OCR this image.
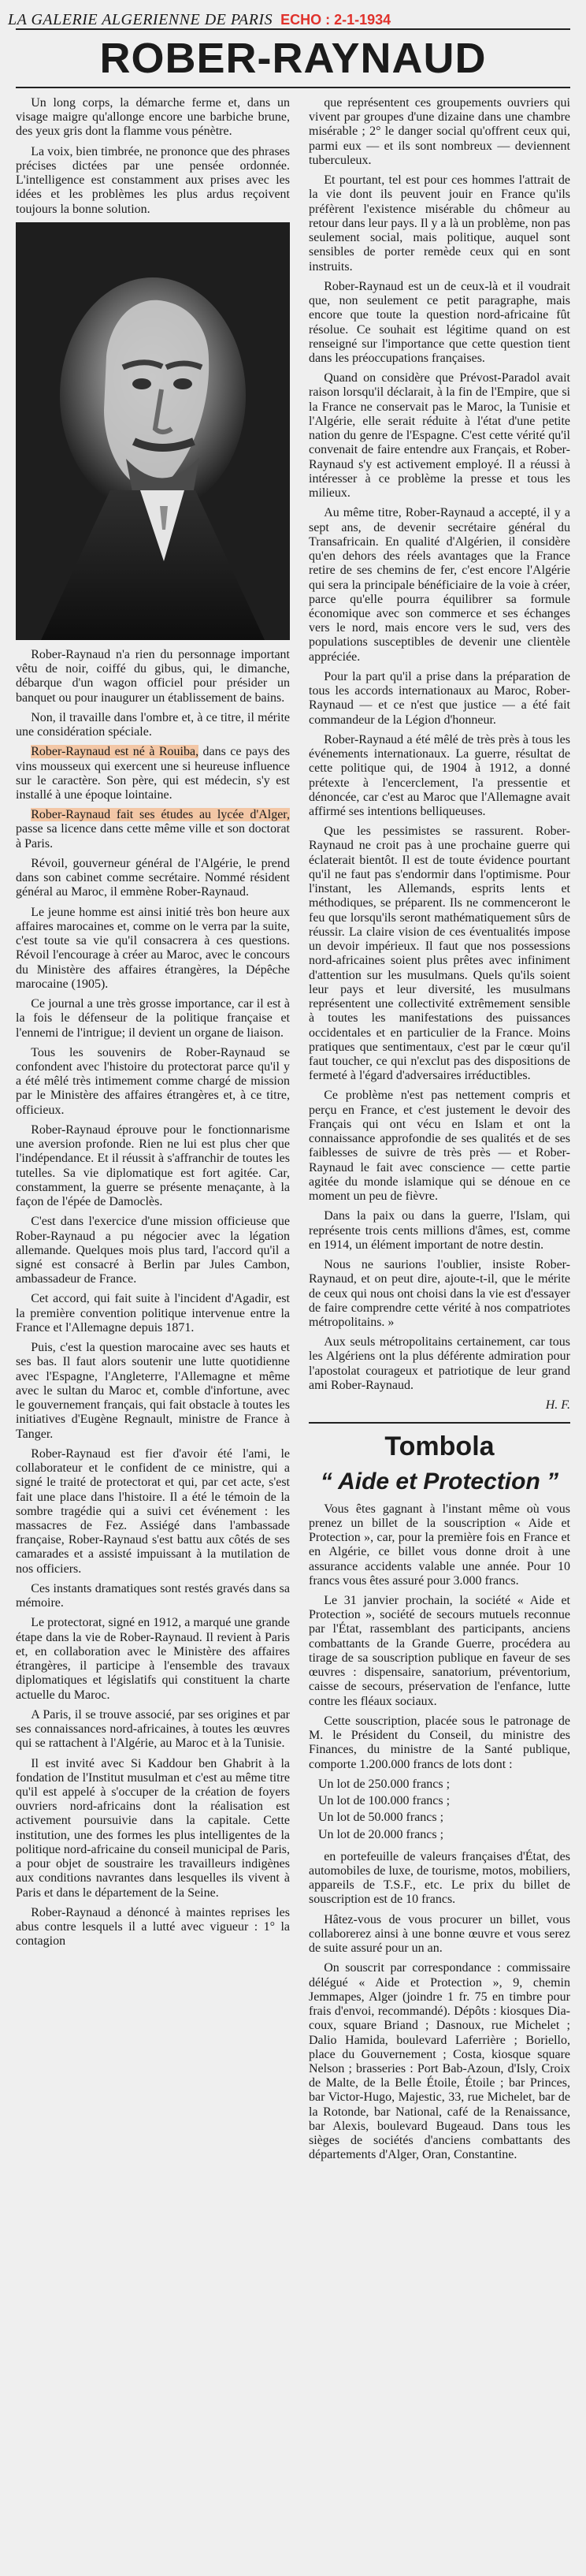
LA GALERIE ALGERIENNE DE PARIS ECHO : 2-1-1934
ROBER-RAYNAUD

Un long corps, la démarche ferme et, dans un visage maigre qu'allonge encore une barbiche brune, des yeux gris dont la flamme vous pénètre.

La voix, bien timbrée, ne prononce que des phrases précises dictées par une pensée ordonnée. L'intelligence est constamment aux prises avec les idées et les problèmes les plus ardus reçoivent toujours la bonne solution.

Rober-Raynaud n'a rien du personnage important vêtu de noir, coiffé du gibus, qui, le dimanche, débarque d'un wagon officiel pour présider un banquet ou pour inaugurer un établissement de bains.

Non, il travaille dans l'ombre et, à ce titre, il mérite une considération spéciale.

Rober-Raynaud est né à Rouiba, dans ce pays des vins mousseux qui exercent une si heureuse influence sur le caractère. Son père, qui est médecin, s'y est installé à une époque lointaine.

Rober-Raynaud fait ses études au lycée d'Alger, passe sa licence dans cette même ville et son doctorat à Paris.

Révoil, gouverneur général de l'Algérie, le prend dans son cabinet comme secrétaire. Nommé résident général au Maroc, il emmène Rober-Raynaud.

Le jeune homme est ainsi initié très bon heure aux affaires marocaines et, comme on le verra par la suite, c'est toute sa vie qu'il consacrera à ces questions. Révoil l'encourage à créer au Maroc, avec le concours du Ministère des affaires étrangères, la Dépêche marocaine (1905).

Ce journal a une très grosse importance, car il est à la fois le défenseur de la politique française et l'ennemi de l'intrigue; il devient un organe de liaison.

Tous les souvenirs de Rober-Raynaud se confondent avec l'histoire du protectorat parce qu'il y a été mêlé très intimement comme chargé de mission par le Ministère des affaires étrangères et, à ce titre, officieux.

Rober-Raynaud éprouve pour le fonctionnarisme une aversion profonde. Rien ne lui est plus cher que l'indépendance. Et il réussit à s'affranchir de toutes les tutelles. Sa vie diplomatique est fort agitée. Car, constamment, la guerre se présente menaçante, à la façon de l'épée de Damoclès.

C'est dans l'exercice d'une mission officieuse que Rober-Raynaud a pu négocier avec la légation allemande. Quelques mois plus tard, l'accord qu'il a signé est consacré à Berlin par Jules Cambon, ambassadeur de France.

Cet accord, qui fait suite à l'incident d'Agadir, est la première convention politique intervenue entre la France et l'Allemagne depuis 1871.

Puis, c'est la question marocaine avec ses hauts et ses bas. Il faut alors soutenir une lutte quotidienne avec l'Espagne, l'Angleterre, l'Allemagne et même avec le sultan du Maroc et, comble d'infortune, avec le gouvernement français, qui fait obstacle à toutes les initiatives d'Eugène Regnault, ministre de France à Tanger.

Rober-Raynaud est fier d'avoir été l'ami, le collaborateur et le confident de ce ministre, qui a signé le traité de protectorat et qui, par cet acte, s'est fait une place dans l'histoire. Il a été le témoin de la sombre tragédie qui a suivi cet événement : les massacres de Fez. Assiégé dans l'ambassade française, Rober-Raynaud s'est battu aux côtés de ses camarades et a assisté impuissant à la mutilation de nos officiers.

Ces instants dramatiques sont restés gravés dans sa mémoire.

Le protectorat, signé en 1912, a marqué une grande étape dans la vie de Rober-Raynaud. Il revient à Paris et, en collaboration avec le Ministère des affaires étrangères, il participe à l'ensemble des travaux diplomatiques et législatifs qui constituent la charte actuelle du Maroc.

A Paris, il se trouve associé, par ses origines et par ses connaissances nord-africaines, à toutes les œuvres qui se rattachent à l'Algérie, au Maroc et à la Tunisie.

Il est invité avec Si Kaddour ben Ghabrit à la fondation de l'Institut musulman et c'est au même titre qu'il est appelé à s'occuper de la création de foyers ouvriers nord-africains dont la réalisation est activement poursuivie dans la capitale. Cette institution, une des formes les plus intelligentes de la politique nord-africaine du conseil municipal de Paris, a pour objet de soustraire les travailleurs indigènes aux conditions navrantes dans lesquelles ils vivent à Paris et dans le département de la Seine.

Rober-Raynaud a dénoncé à maintes reprises les abus contre lesquels il a lutté avec vigueur : 1° la contagion

que représentent ces groupements ouvriers qui vivent par groupes d'une dizaine dans une chambre misérable ; 2° le danger social qu'offrent ceux qui, parmi eux — et ils sont nombreux — deviennent tuberculeux.

Et pourtant, tel est pour ces hommes l'attrait de la vie dont ils peuvent jouir en France qu'ils préfèrent l'existence misérable du chômeur au retour dans leur pays. Il y a là un problème, non pas seulement social, mais politique, auquel sont sensibles de porter remède ceux qui en sont instruits.

Rober-Raynaud est un de ceux-là et il voudrait que, non seulement ce petit paragraphe, mais encore que toute la question nord-africaine fût résolue. Ce souhait est légitime quand on est renseigné sur l'importance que cette question tient dans les préoccupations françaises.

Quand on considère que Prévost-Paradol avait raison lorsqu'il déclarait, à la fin de l'Empire, que si la France ne conservait pas le Maroc, la Tunisie et l'Algérie, elle serait réduite à l'état d'une petite nation du genre de l'Espagne. C'est cette vérité qu'il convenait de faire entendre aux Français, et Rober-Raynaud s'y est activement employé. Il a réussi à intéresser à ce problème la presse et tous les milieux.

Au même titre, Rober-Raynaud a accepté, il y a sept ans, de devenir secrétaire général du Transafricain. En qualité d'Algérien, il considère qu'en dehors des réels avantages que la France retire de ses chemins de fer, c'est encore l'Algérie qui sera la principale bénéficiaire de la voie à créer, parce qu'elle pourra équilibrer sa formule économique avec son commerce et ses échanges vers le nord, mais encore vers le sud, vers des populations susceptibles de devenir une clientèle appréciée.

Pour la part qu'il a prise dans la préparation de tous les accords internationaux au Maroc, Rober-Raynaud — et ce n'est que justice — a été fait commandeur de la Légion d'honneur.

Rober-Raynaud a été mêlé de très près à tous les événements internationaux. La guerre, résultat de cette politique qui, de 1904 à 1912, a donné prétexte à l'encerclement, l'a pressentie et dénoncée, car c'est au Maroc que l'Allemagne avait affirmé ses intentions belliqueuses.

Que les pessimistes se rassurent. Rober-Raynaud ne croit pas à une prochaine guerre qui éclaterait bientôt. Il est de toute évidence pourtant qu'il ne faut pas s'endormir dans l'optimisme. Pour l'instant, les Allemands, esprits lents et méthodiques, se préparent. Ils ne commenceront le feu que lorsqu'ils seront mathématiquement sûrs de réussir. La claire vision de ces éventualités impose un devoir impérieux. Il faut que nos possessions nord-africaines soient plus prêtes avec infiniment d'attention sur les musulmans. Quels qu'ils soient leur pays et leur diversité, les musulmans représentent une collectivité extrêmement sensible à toutes les manifestations des puissances occidentales et en particulier de la France. Moins pratiques que sentimentaux, c'est par le cœur qu'il faut toucher, ce qui n'exclut pas des dispositions de fermeté à l'égard d'adversaires irréductibles.

Ce problème n'est pas nettement compris et perçu en France, et c'est justement le devoir des Français qui ont vécu en Islam et ont la connaissance approfondie de ses qualités et de ses faiblesses de suivre de très près — et Rober-Raynaud le fait avec conscience — cette partie agitée du monde islamique qui se dénoue en ce moment un peu de fièvre.

Dans la paix ou dans la guerre, l'Islam, qui représente trois cents millions d'âmes, est, comme en 1914, un élément important de notre destin.

Nous ne saurions l'oublier, insiste Rober-Raynaud, et on peut dire, ajoute-t-il, que le mérite de ceux qui nous ont choisi dans la vie est d'essayer de faire comprendre cette vérité à nos compatriotes métropolitains. »

Aux seuls métropolitains certainement, car tous les Algériens ont la plus déférente admiration pour l'apostolat courageux et patriotique de leur grand ami Rober-Raynaud.

H. F.
Tombola
“ Aide et Protection ”

Vous êtes gagnant à l'instant même où vous prenez un billet de la souscription « Aide et Protection », car, pour la première fois en France et en Algérie, ce billet vous donne droit à une assurance accidents valable une année. Pour 10 francs vous êtes assuré pour 3.000 francs.

Le 31 janvier prochain, la société « Aide et Protection », société de secours mutuels reconnue par l'État, rassemblant des participants, anciens combattants de la Grande Guerre, procédera au tirage de sa souscription publique en faveur de ses œuvres : dispensaire, sanatorium, préventorium, caisse de secours, préservation de l'enfance, lutte contre les fléaux sociaux.

Cette souscription, placée sous le patronage de M. le Président du Conseil, du ministre des Finances, du ministre de la Santé publique, comporte 1.200.000 francs de lots dont :

Un lot de 250.000 francs ;
Un lot de 100.000 francs ;
Un lot de 50.000 francs ;
Un lot de 20.000 francs ;

en portefeuille de valeurs françaises d'État, des automobiles de luxe, de tourisme, motos, mobiliers, appareils de T.S.F., etc. Le prix du billet de souscription est de 10 francs.

Hâtez-vous de vous procurer un billet, vous collaborerez ainsi à une bonne œuvre et vous serez de suite assuré pour un an.

On souscrit par correspondance : commissaire délégué « Aide et Protection », 9, chemin Jemmapes, Alger (joindre 1 fr. 75 en timbre pour frais d'envoi, recommandé). Dépôts : kiosques Dia-coux, square Briand ; Dasnoux, rue Michelet ; Dalio Hamida, boulevard Laferrière ; Boriello, place du Gouvernement ; Costa, kiosque square Nelson ; brasseries : Port Bab-Azoun, d'Isly, Croix de Malte, de la Belle Étoile, Étoile ; bar Princes, bar Victor-Hugo, Majestic, 33, rue Michelet, bar de la Rotonde, bar National, café de la Renaissance, bar Alexis, boulevard Bugeaud. Dans tous les sièges de sociétés d'anciens combattants des départements d'Alger, Oran, Constantine.
